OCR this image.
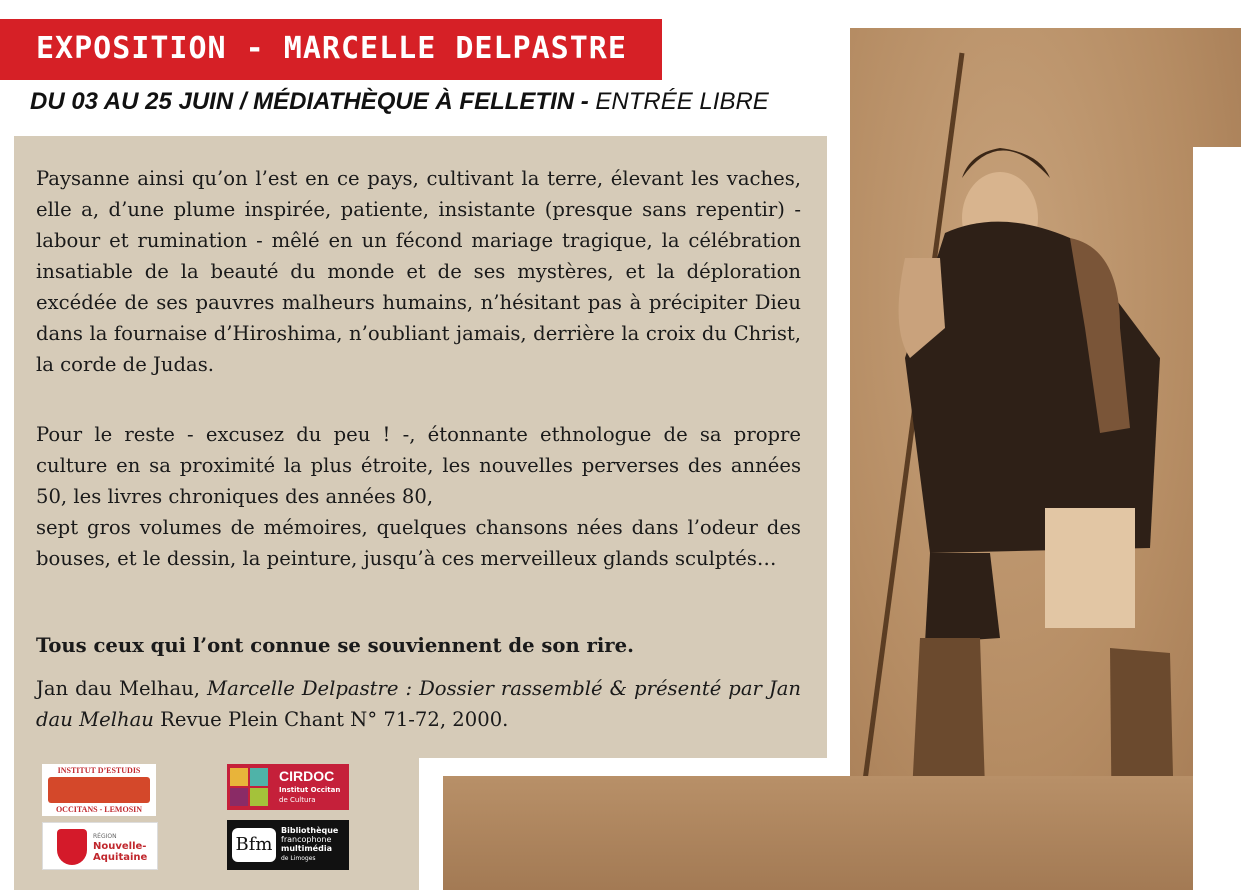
EXPOSITION - MARCELLE DELPASTRE
DU 03 AU 25 JUIN / MÉDIATHÈQUE À FELLETIN - ENTRÉE LIBRE

Paysanne ainsi qu’on l’est en ce pays, cultivant la terre, élevant les vaches, elle a, d’une plume inspirée, patiente, insistante (presque sans repentir) - labour et rumination - mêlé en un fécond mariage tragique, la célébration insatiable de la beauté du monde et de ses mystères, et la déploration excédée de ses pauvres malheurs humains, n’hésitant pas à précipiter Dieu dans la fournaise d’Hiroshima, n’oubliant jamais, derrière la croix du Christ, la corde de Judas.

Pour le reste - excusez du peu ! -, étonnante ethnologue de sa propre culture en sa proximité la plus étroite, les nouvelles perverses des années 50, les livres chroniques des années 80,
sept gros volumes de mémoires, quelques chansons nées dans l’odeur des bouses, et le dessin, la peinture, jusqu’à ces merveilleux glands sculptés…

Tous ceux qui l’ont connue se souviennent de son rire.

Jan dau Melhau, Marcelle Delpastre : Dossier rassemblé & présenté par Jan dau Melhau Revue Plein Chant N° 71-72, 2000.

INSTITUT D’ESTUDIS
OCCITANS - LEMOSIN
RÉGION
Nouvelle-Aquitaine
CIRDOC
Institut Occitan
de Cultura
Bfm
Bibliothèque
francophone
multimédia
de Limoges
